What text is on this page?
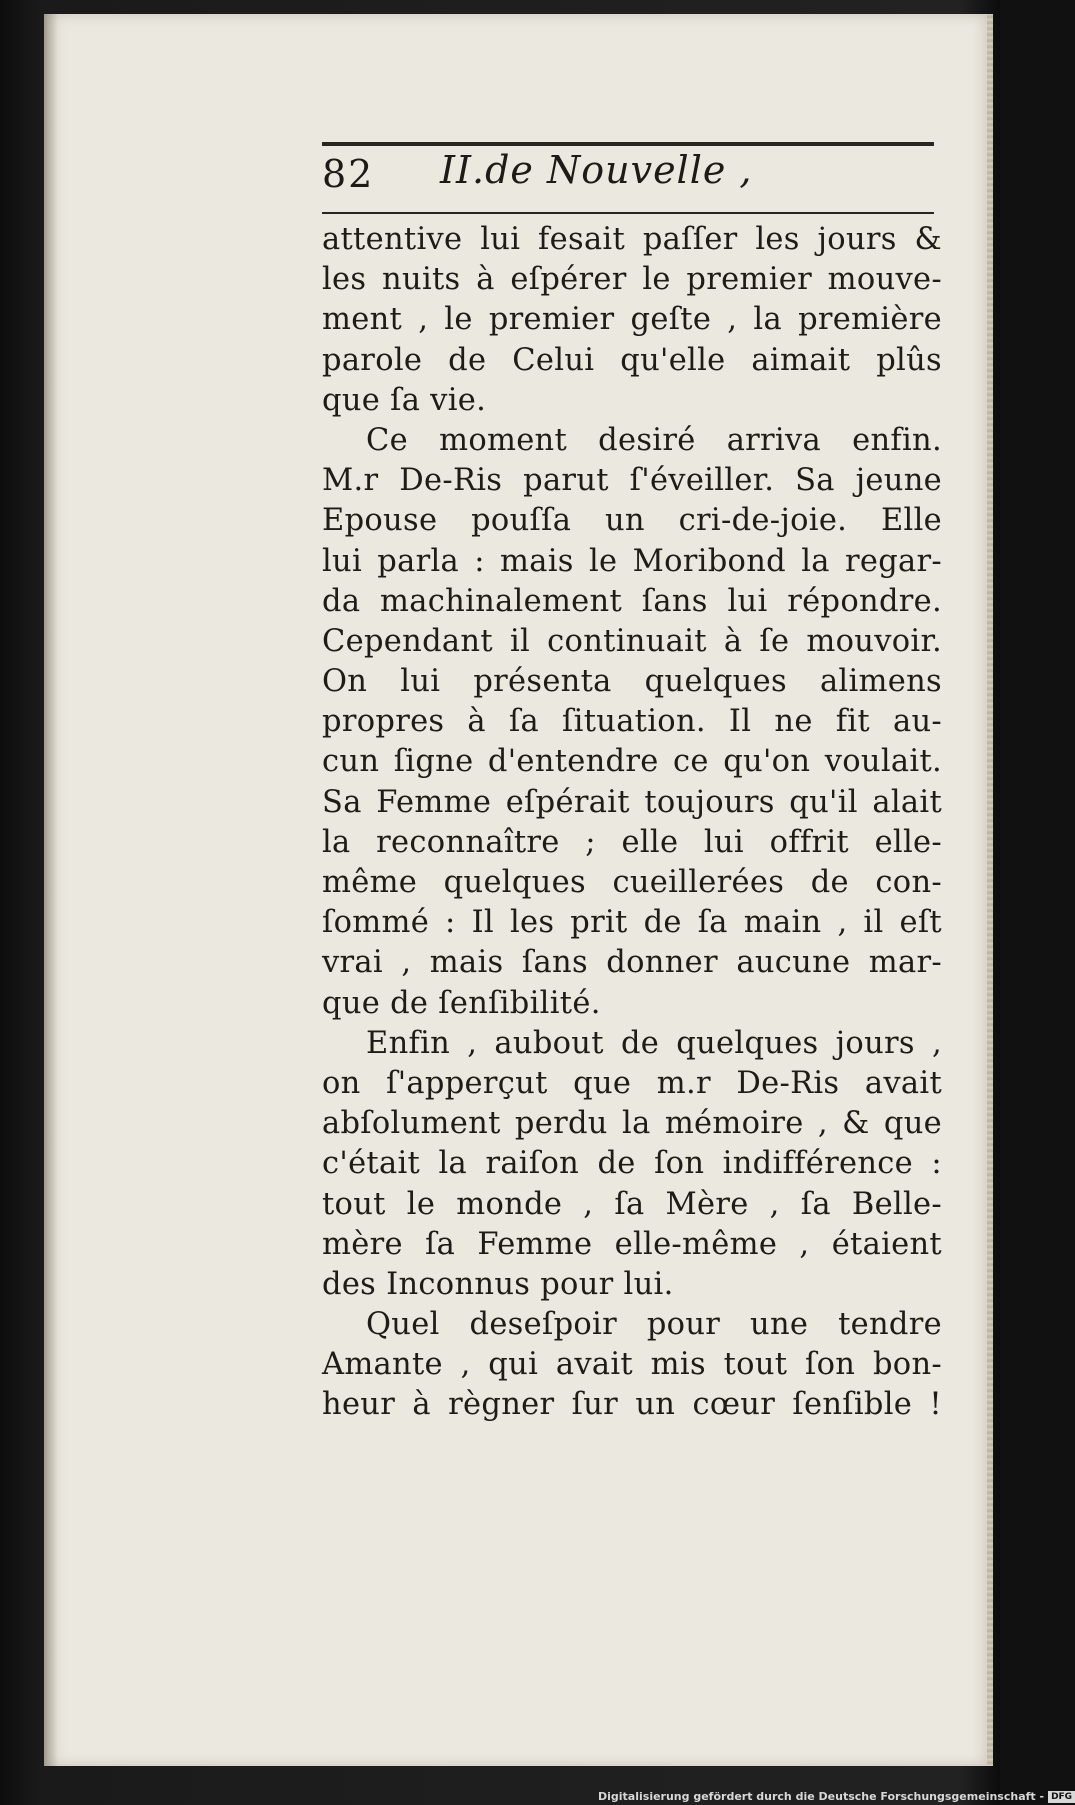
82 II.de Nouvelle ,
attentive lui fesait paſſer les jours &
les nuits à eſpérer le premier mouve-
ment , le premier geſte , la première
parole de Celui qu'elle aimait plûs
que ſa vie.
Ce moment desiré arriva enfin.
M.r De-Ris parut ſ'éveiller. Sa jeune
Epouse pouſſa un cri-de-joie. Elle
lui parla : mais le Moribond la regar-
da machinalement ſans lui répondre.
Cependant il continuait à ſe mouvoir.
On lui présenta quelques alimens
propres à ſa ſituation. Il ne fit au-
cun ſigne d'entendre ce qu'on voulait.
Sa Femme eſpérait toujours qu'il alait
la reconnaître ; elle lui offrit elle-
même quelques cueillerées de con-
ſommé : Il les prit de ſa main , il eſt
vrai , mais ſans donner aucune mar-
que de ſenſibilité.
Enfin , aubout de quelques jours ,
on ſ'apperçut que m.r De-Ris avait
abſolument perdu la mémoire , & que
c'était la raiſon de ſon indifférence :
tout le monde , ſa Mère , ſa Belle-
mère ſa Femme elle-même , étaient
des Inconnus pour lui.
Quel deseſpoir pour une tendre
Amante , qui avait mis tout ſon bon-
heur à règner ſur un cœur ſenſible !
Digitalisierung gefördert durch die Deutsche Forschungsgemeinschaft - DFG
